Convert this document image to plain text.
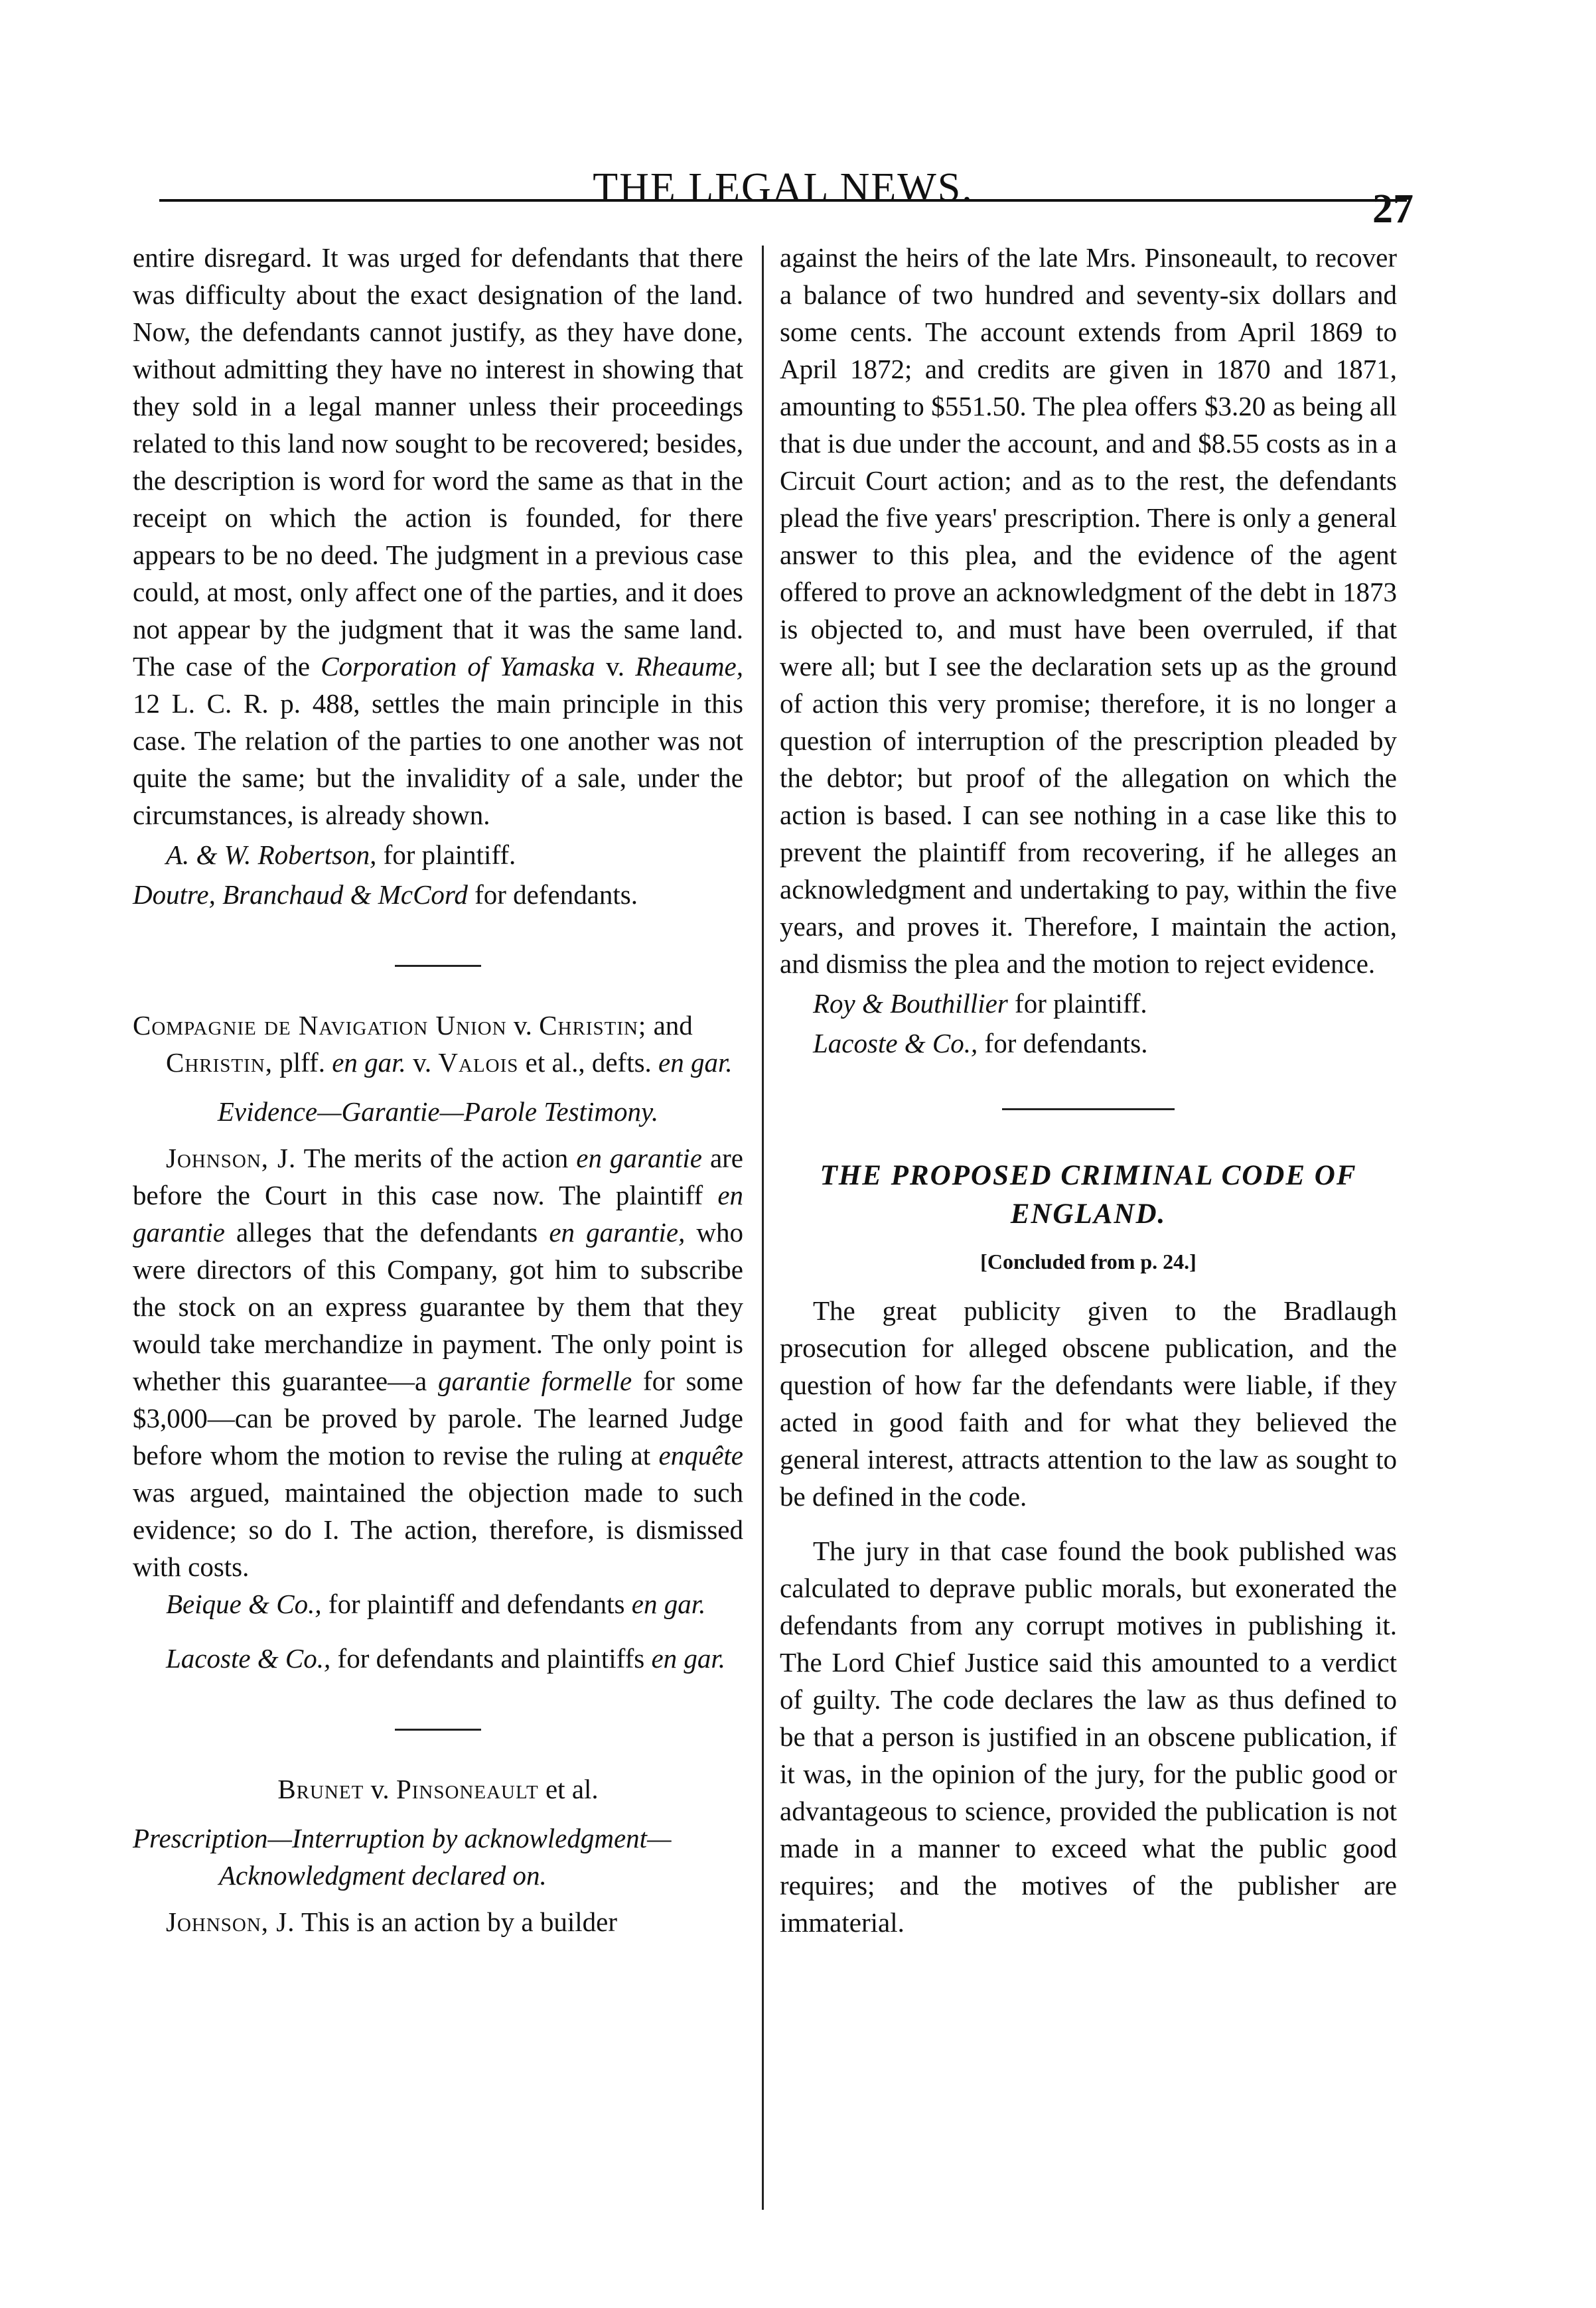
THE LEGAL NEWS.	27

entire disregard. It was urged for defendants that there was difficulty about the exact designation of the land. Now, the defendants cannot justify, as they have done, without admitting they have no interest in showing that they sold in a legal manner unless their proceedings related to this land now sought to be recovered; besides, the description is word for word the same as that in the receipt on which the action is founded, for there appears to be no deed. The judgment in a previous case could, at most, only affect one of the parties, and it does not appear by the judgment that it was the same land. The case of the Corporation of Yamaska v. Rheaume, 12 L. C. R. p. 488, settles the main principle in this case. The relation of the parties to one another was not quite the same; but the invalidity of a sale, under the circumstances, is already shown.

A. & W. Robertson, for plaintiff.

Doutre, Branchaud & McCord for defendants.

Compagnie de Navigation Union v. Christin; and Christin, plff. en gar. v. Valois et al., defts. en gar.

Evidence—Garantie—Parole Testimony.

Johnson, J. The merits of the action en garantie are before the Court in this case now. The plaintiff en garantie alleges that the defendants en garantie, who were directors of this Company, got him to subscribe the stock on an express guarantee by them that they would take merchandize in payment. The only point is whether this guarantee—a garantie formelle for some $3,000—can be proved by parole. The learned Judge before whom the motion to revise the ruling at enquête was argued, maintained the objection made to such evidence; so do I. The action, therefore, is dismissed with costs.

Beique & Co., for plaintiff and defendants en gar.

Lacoste & Co., for defendants and plaintiffs en gar.

Brunet v. Pinsoneault et al.

Prescription—Interruption by acknowledgment—Acknowledgment declared on.

Johnson, J. This is an action by a builder

against the heirs of the late Mrs. Pinsoneault, to recover a balance of two hundred and seventy-six dollars and some cents. The account extends from April 1869 to April 1872; and credits are given in 1870 and 1871, amounting to $551.50. The plea offers $3.20 as being all that is due under the account, and and $8.55 costs as in a Circuit Court action; and as to the rest, the defendants plead the five years' prescription. There is only a general answer to this plea, and the evidence of the agent offered to prove an acknowledgment of the debt in 1873 is objected to, and must have been overruled, if that were all; but I see the declaration sets up as the ground of action this very promise; therefore, it is no longer a question of interruption of the prescription pleaded by the debtor; but proof of the allegation on which the action is based. I can see nothing in a case like this to prevent the plaintiff from recovering, if he alleges an acknowledgment and undertaking to pay, within the five years, and proves it. Therefore, I maintain the action, and dismiss the plea and the motion to reject evidence.

Roy & Bouthillier for plaintiff.

Lacoste & Co., for defendants.

THE PROPOSED CRIMINAL CODE OF ENGLAND.

[Concluded from p. 24.]

The great publicity given to the Bradlaugh prosecution for alleged obscene publication, and the question of how far the defendants were liable, if they acted in good faith and for what they believed the general interest, attracts attention to the law as sought to be defined in the code.

The jury in that case found the book published was calculated to deprave public morals, but exonerated the defendants from any corrupt motives in publishing it. The Lord Chief Justice said this amounted to a verdict of guilty. The code declares the law as thus defined to be that a person is justified in an obscene publication, if it was, in the opinion of the jury, for the public good or advantageous to science, provided the publication is not made in a manner to exceed what the public good requires; and the motives of the publisher are immaterial.
